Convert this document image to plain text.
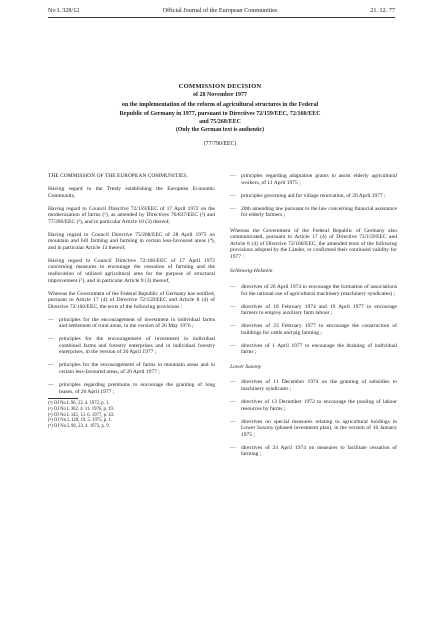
No L 328/12	Official Journal of the European Communities	21. 12. 77
COMMISSION DECISION
of 28 November 1977
on the implementation of the reform of agricultural structures in the Federal
Republic of Germany in 1977, pursuant to Directives 72/159/EEC, 72/160/EEC
and 75/268/EEC
(Only the German text is authentic)
(77/790/EEC)

THE COMMISSION OF THE EUROPEAN COMMUNITIES,

Having regard to the Treaty establishing the European Economic Community,

Having regard to Council Directive 72/159/EEC of 17 April 1972 on the modernization of farms (¹), as amended by Directives 76/837/EEC (²) and 77/390/EEC (³), and in particular Article 18 (3) thereof,

Having regard to Council Directive 75/268/EEC of 28 April 1975 on mountain and hill farming and farming in certain less-favoured areas (⁴), and in particular Article 13 thereof,

Having regard to Council Directive 72/160/EEC of 17 April 1972 concerning measures to encourage the cessation of farming and the reallocation of utilized agricultural area for the purpose of structural improvement (⁵), and in particular Article 9 (3) thereof,

Whereas the Government of the Federal Republic of Germany has notified, pursuant to Article 17 (4) of Directive 72/159/EEC and Article 8 (4) of Directive 72/160/EEC, the texts of the following provisions :

—	principles for the encouragement of investment in individual farms and settlement of rural areas, in the version of 26 May 1976 ;
—	principles for the encouragement of investment in individual combined farms and forestry enterprises and in individual forestry enterprises, in the version of 20 April 1977 ;
—	principles for the encouragement of farms in mountain areas and in certain less-favoured areas, of 20 April 1977 ;
—	principles regarding premiums to encourage the granting of long leases, of 20 April 1977 ;
(¹) OJ No L 96, 23. 4. 1972, p. 1.
(²) OJ No L 302, 4. 11. 1976, p. 19.
(³) OJ No L 145, 13. 6. 1977, p. 43.
(⁴) OJ No L 128, 19. 5. 1975, p. 1.
(⁵) OJ No L 96, 23. 4. 1972, p. 9.
—	principles regarding adaptation grants to assist elderly agricultural workers, of 11 April 1975 ;
—	principles governing aid for village renovation, of 20 April 1977 ;
—	20th amending law pursuant to the law concerning financial assistance for elderly farmers ;

Whereas the Government of the Federal Republic of Germany also communicated, pursuant to Article 17 (4) of Directive 72/159/EEC and Article 8 (4) of Directive 72/160/EEC, the amended texts of the following provisions adopted by the Länder, or confirmed their continued validity for 1977 :

Schleswig-Holstein
—	directives of 26 April 1974 to encourage the formation of associations for the rational use of agricultural machinery (machinery syndicates) ;
—	directives of 18 February 1974 and 19 April 1977 to encourage farmers to employ auxiliary farm labour ;
—	directives of 23 February 1977 to encourage the construction of buildings for cattle and pig farming ;
—	directives of 1 April 1977 to encourage the draining of individual farms ;
Lower Saxony
—	directives of 11 December 1974 on the granting of subsidies to machinery syndicates ;
—	directives of 13 December 1972 to encourage the pooling of labour resources by farms ;
—	directives on special measures relating to agricultural holdings in Lower Saxony (phased investment plan), in the version of 16 January 1975 ;
—	directives of 24 April 1974 on measures to facilitate cessation of farming ;
